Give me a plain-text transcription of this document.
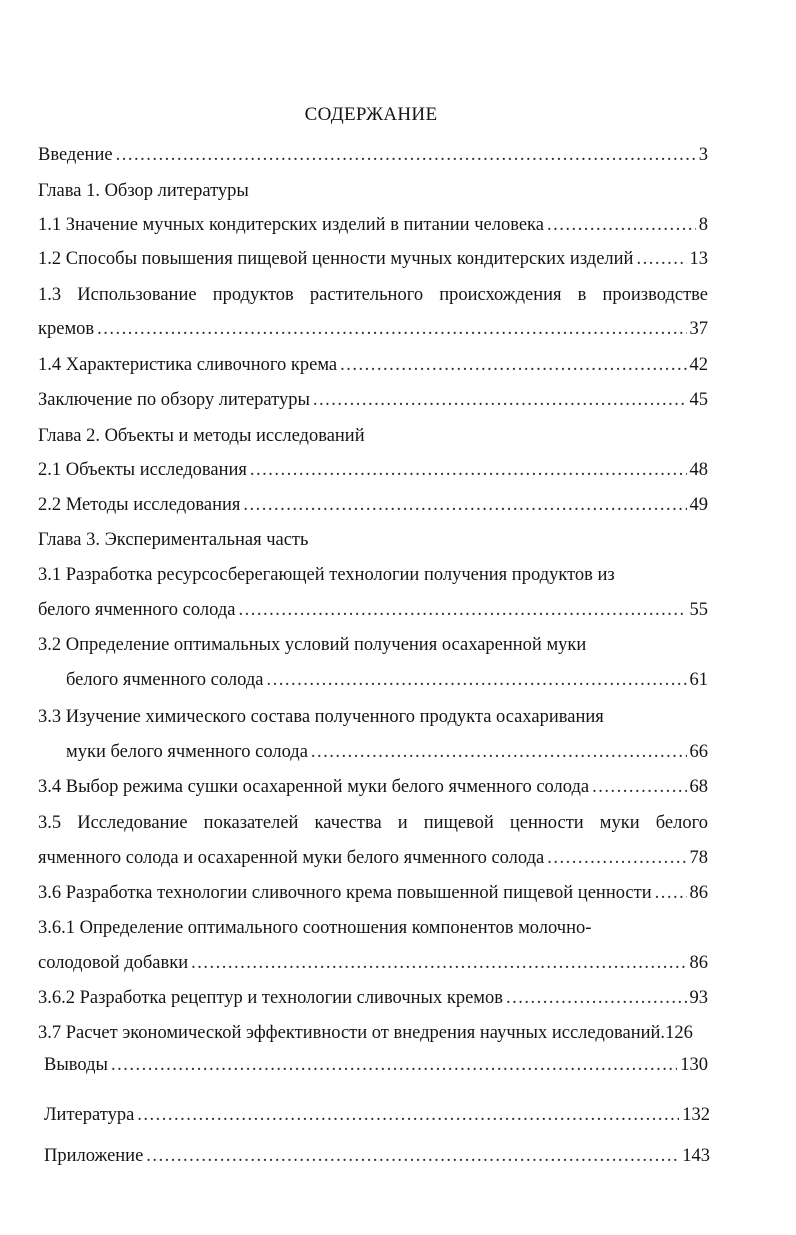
СОДЕРЖАНИЕ
Введение .....	3
Глава 1. Обзор литературы
1.1 Значение мучных кондитерских изделий в питании человека .....	8
1.2 Способы повышения пищевой ценности мучных кондитерских изделий .....	13
1.3 Использование продуктов растительного происхождения в производстве
кремов .....	37
1.4 Характеристика сливочного крема .....	42
Заключение по обзору литературы .....	45
Глава 2. Объекты и методы исследований
2.1 Объекты исследования .....	48
2.2 Методы исследования .....	49
Глава 3. Экспериментальная часть
3.1 Разработка ресурсосберегающей технологии получения продуктов из
белого ячменного солода .....	55
3.2 Определение оптимальных условий получения осахаренной муки
белого ячменного солода .....	61
3.3 Изучение химического состава полученного продукта осахаривания
муки белого ячменного солода .....	66
3.4 Выбор режима сушки осахаренной муки белого ячменного солода .....	68
3.5 Исследование показателей качества и пищевой ценности муки белого
ячменного солода и осахаренной муки белого ячменного солода .....	78
3.6 Разработка технологии сливочного крема повышенной пищевой ценности ..... 86
3.6.1 Определение оптимального соотношения компонентов молочно-
солодовой добавки .....	86
3.6.2 Разработка рецептур и технологии сливочных кремов .....	93
3.7 Расчет экономической эффективности от внедрения научных исследований. 126
Выводы .....	130
Литература .....	132
Приложение .....	143
